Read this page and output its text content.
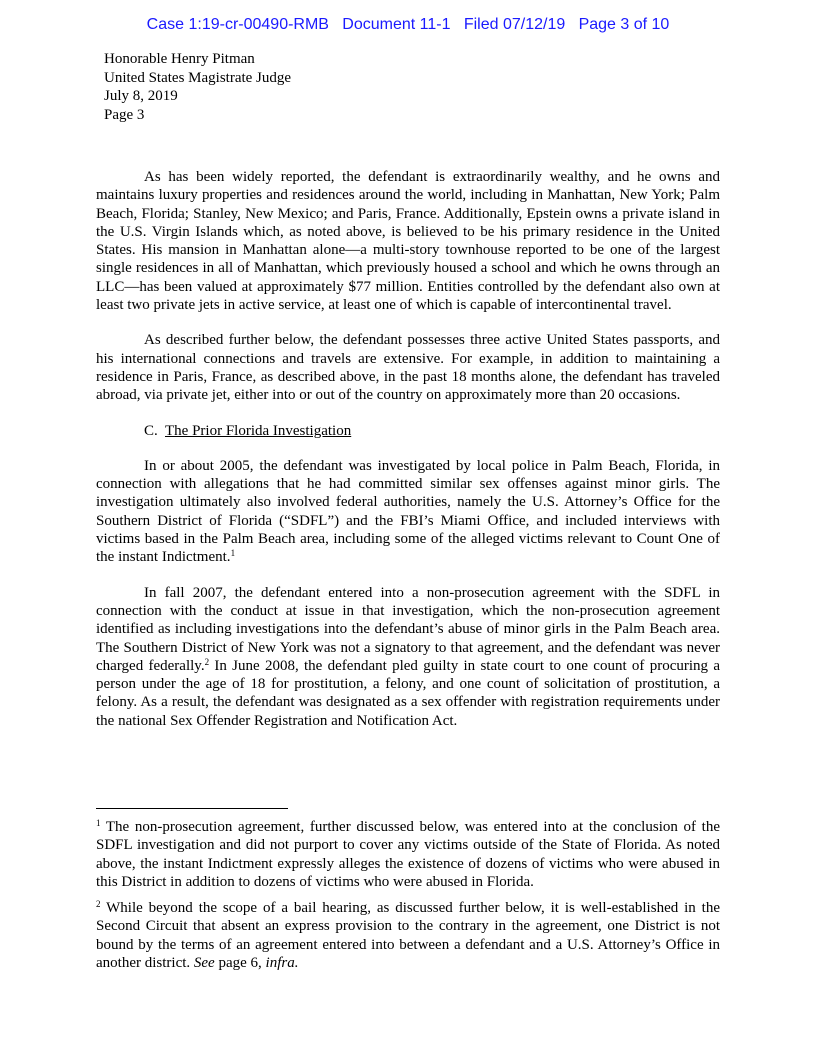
Case 1:19-cr-00490-RMB   Document 11-1   Filed 07/12/19   Page 3 of 10
Honorable Henry Pitman
United States Magistrate Judge
July 8, 2019
Page 3

As has been widely reported, the defendant is extraordinarily wealthy, and he owns and maintains luxury properties and residences around the world, including in Manhattan, New York; Palm Beach, Florida; Stanley, New Mexico; and Paris, France. Additionally, Epstein owns a private island in the U.S. Virgin Islands which, as noted above, is believed to be his primary residence in the United States. His mansion in Manhattan alone—a multi-story townhouse reported to be one of the largest single residences in all of Manhattan, which previously housed a school and which he owns through an LLC—has been valued at approximately $77 million. Entities controlled by the defendant also own at least two private jets in active service, at least one of which is capable of intercontinental travel.

As described further below, the defendant possesses three active United States passports, and his international connections and travels are extensive. For example, in addition to maintaining a residence in Paris, France, as described above, in the past 18 months alone, the defendant has traveled abroad, via private jet, either into or out of the country on approximately more than 20 occasions.

C. The Prior Florida Investigation

In or about 2005, the defendant was investigated by local police in Palm Beach, Florida, in connection with allegations that he had committed similar sex offenses against minor girls. The investigation ultimately also involved federal authorities, namely the U.S. Attorney’s Office for the Southern District of Florida (“SDFL”) and the FBI’s Miami Office, and included interviews with victims based in the Palm Beach area, including some of the alleged victims relevant to Count One of the instant Indictment.$^1$

In fall 2007, the defendant entered into a non-prosecution agreement with the SDFL in connection with the conduct at issue in that investigation, which the non-prosecution agreement identified as including investigations into the defendant’s abuse of minor girls in the Palm Beach area. The Southern District of New York was not a signatory to that agreement, and the defendant was never charged federally.$^2$ In June 2008, the defendant pled guilty in state court to one count of procuring a person under the age of 18 for prostitution, a felony, and one count of solicitation of prostitution, a felony. As a result, the defendant was designated as a sex offender with registration requirements under the national Sex Offender Registration and Notification Act.

$^1$ The non-prosecution agreement, further discussed below, was entered into at the conclusion of the SDFL investigation and did not purport to cover any victims outside of the State of Florida. As noted above, the instant Indictment expressly alleges the existence of dozens of victims who were abused in this District in addition to dozens of victims who were abused in Florida.

$^2$ While beyond the scope of a bail hearing, as discussed further below, it is well-established in the Second Circuit that absent an express provision to the contrary in the agreement, one District is not bound by the terms of an agreement entered into between a defendant and a U.S. Attorney’s Office in another district. See page 6, infra.
